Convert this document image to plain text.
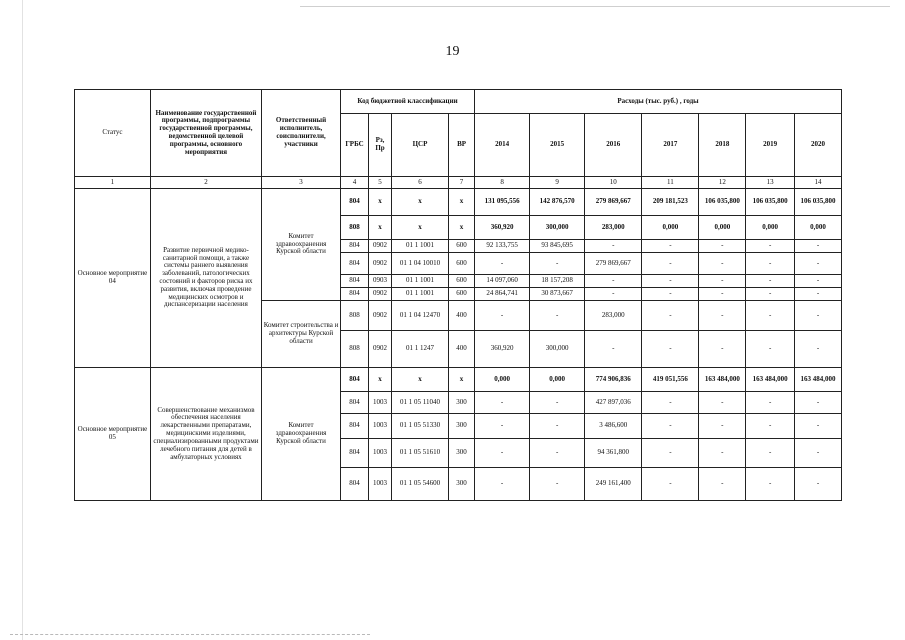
19
Статус	Наименование государственной программы, подпрограммы государственной программы, ведомственной целевой программы, основного мероприятия	Ответственный исполнитель, соисполнители, участники	Код бюджетной классификации				Расходы (тыс. руб.) , годы						
			ГРБС	Рз, Пр	ЦСР	ВР	2014	2015	2016	2017	2018	2019	2020
1	2	3	4	5	6	7	8	9	10	11	12	13	14
Основное мероприятие 04	Развитие первичной медико-санитарной помощи, а также системы раннего выявления заболеваний, патологических состояний и факторов риска их развития, включая проведение медицинских осмотров и диспансеризации населения	Комитет здравоохранения Курской области	804	x	x	x	131 095,556	142 876,570	279 869,667	209 181,523	106 035,800	106 035,800	106 035,800
			808	x	x	x	360,920	300,000	283,000	0,000	0,000	0,000	0,000
			804	0902	01 1 1001	600	92 133,755	93 845,695	-	-	-	-	-
			804	0902	01 1 04 10010	600	-	-	279 869,667	-	-	-	-
			804	0903	01 1 1001	600	14 097,060	18 157,208	-	-	-	-	-
			804	0902	01 1 1001	600	24 864,741	30 873,667	-	-	-	-	-
		Комитет строительства и архитектуры Курской области	808	0902	01 1 04 12470	400	-	-	283,000	-	-	-	-
			808	0902	01 1 1247	400	360,920	300,000	-	-	-	-	-
Основное мероприятие 05	Совершенствование механизмов обеспечения населения лекарственными препаратами, медицинскими изделиями, специализированными продуктами лечебного питания для детей в амбулаторных условиях	Комитет здравоохранения Курской области	804	x	x	x	0,000	0,000	774 906,836	419 051,556	163 484,000	163 484,000	163 484,000
			804	1003	01 1 05 11040	300	-	-	427 897,036	-	-	-	-
			804	1003	01 1 05 51330	300	-	-	3 486,600	-	-	-	-
			804	1003	01 1 05 51610	300	-	-	94 361,800	-	-	-	-
			804	1003	01 1 05 54600	300	-	-	249 161,400	-	-	-	-
